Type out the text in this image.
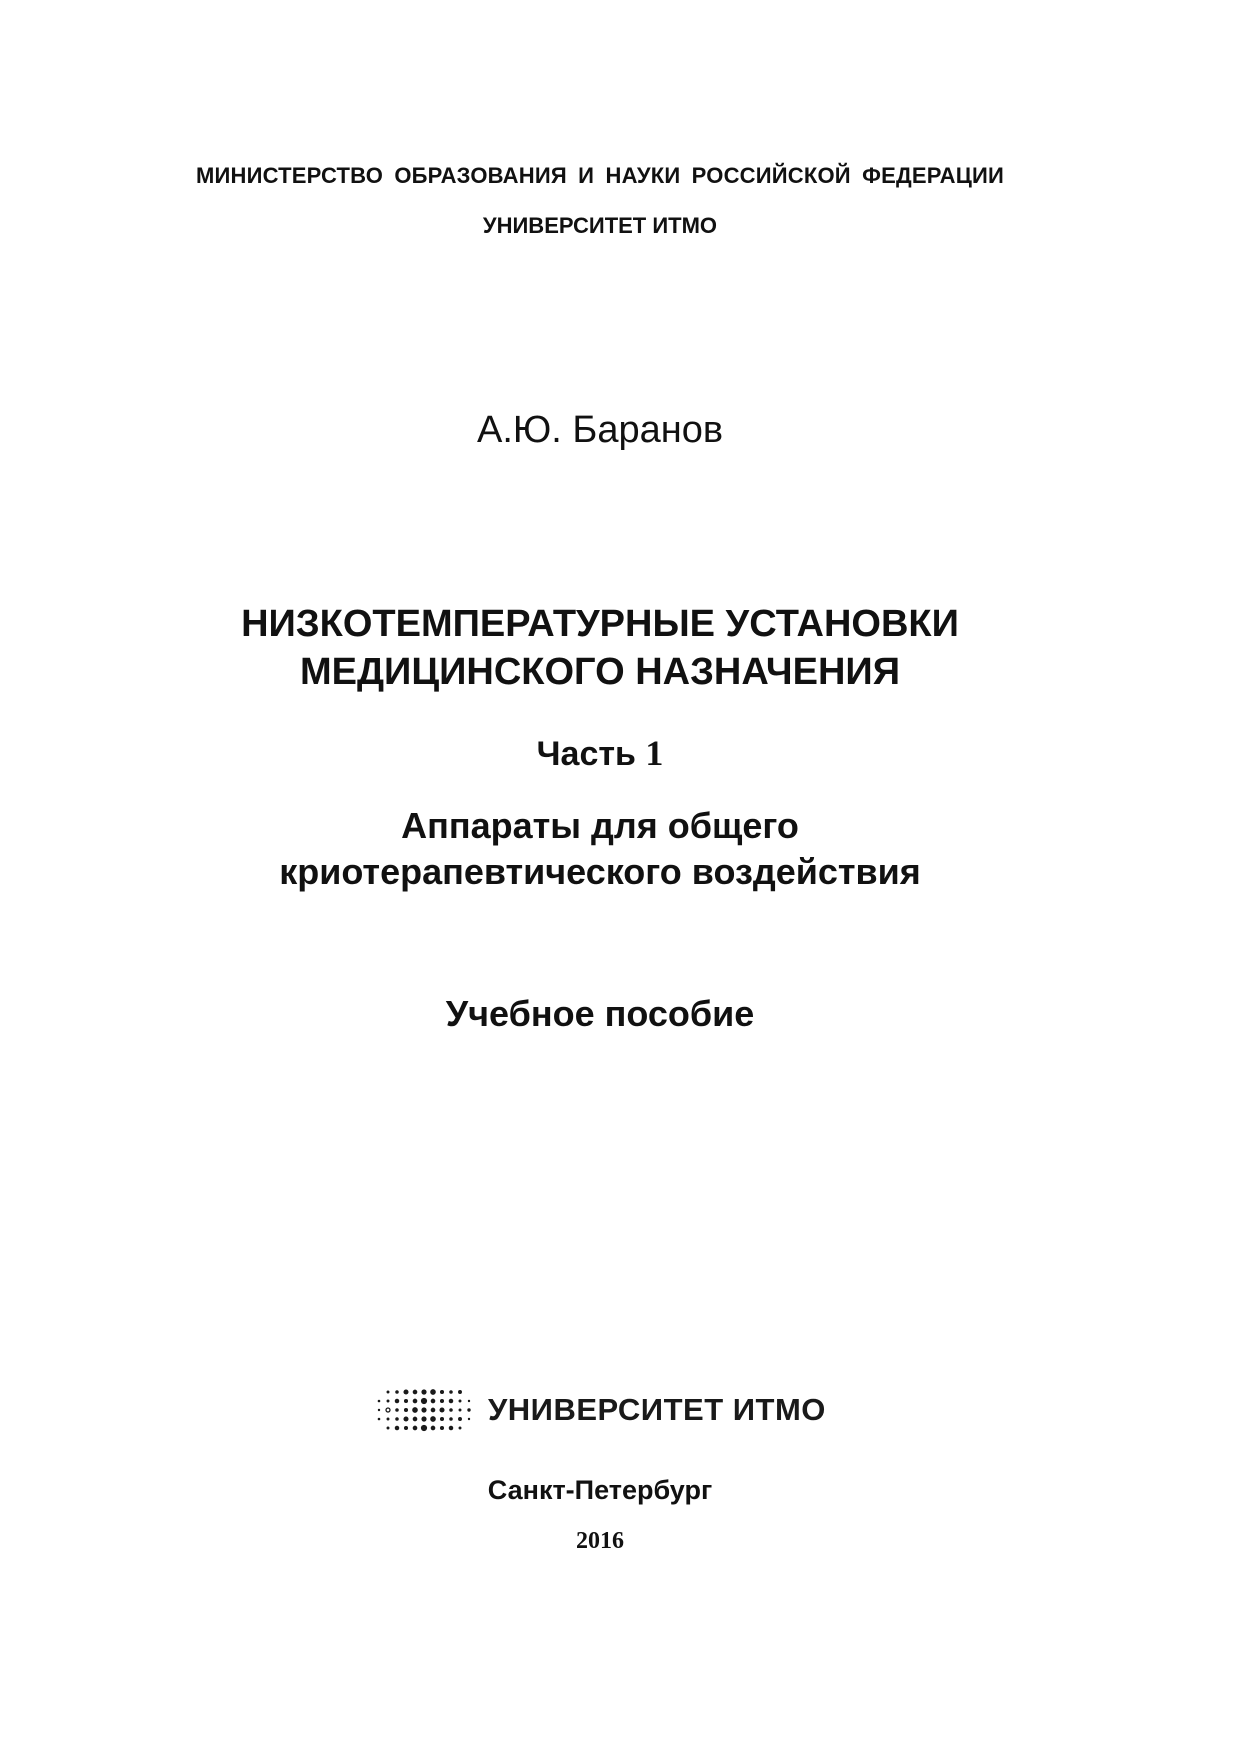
МИНИСТЕРСТВО ОБРАЗОВАНИЯ И НАУКИ РОССИЙСКОЙ ФЕДЕРАЦИИ
УНИВЕРСИТЕТ ИТМО
А.Ю. Баранов
НИЗКОТЕМПЕРАТУРНЫЕ УСТАНОВКИ
МЕДИЦИНСКОГО НАЗНАЧЕНИЯ
Часть 1
Аппараты для общего
криотерапевтического воздействия
Учебное пособие
УНИВЕРСИТЕТ ИТМО
Санкт-Петербург
2016
